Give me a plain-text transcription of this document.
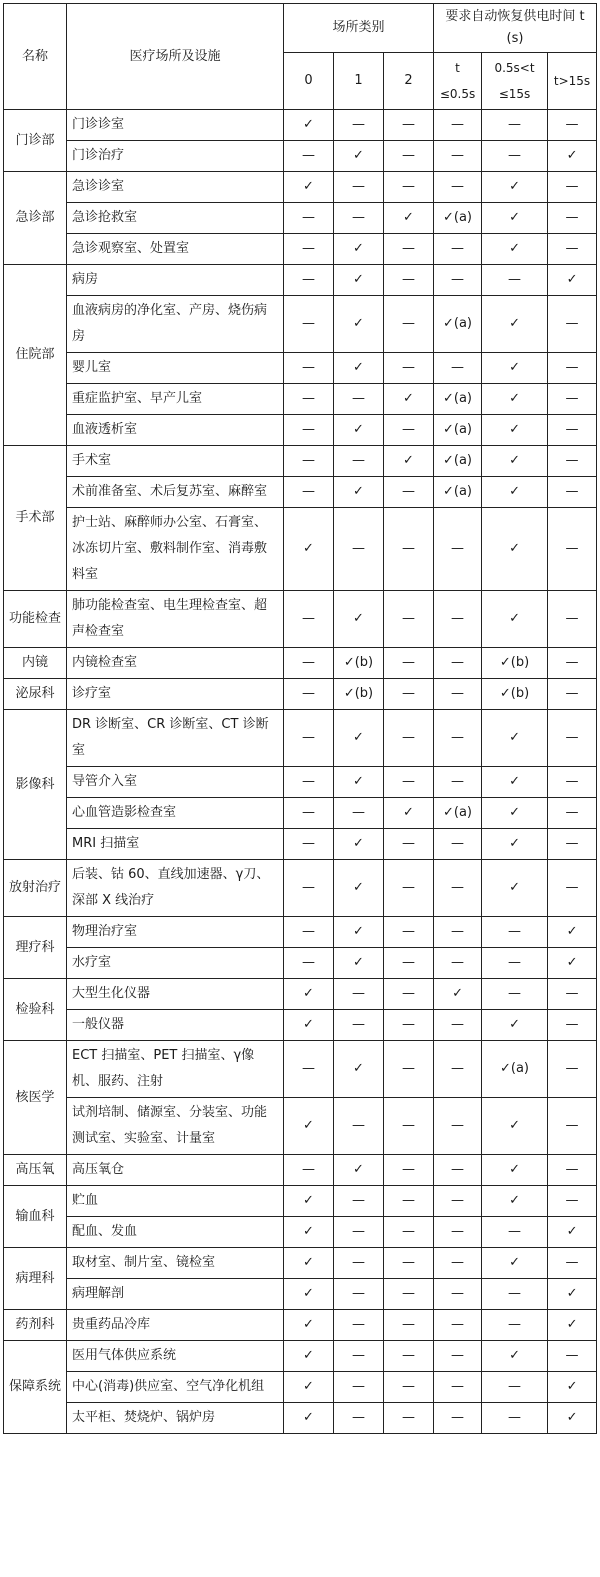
名称	医疗场所及设施	场所类别			要求自动恢复供电时间 t (s)		
		0	1	2	t ≤0.5s	0.5s<t ≤15s	t>15s
门诊部	门诊诊室	✓	—	—	—	—	—
	门诊治疗	—	✓	—	—	—	✓
急诊部	急诊诊室	✓	—	—	—	✓	—
	急诊抢救室	—	—	✓	✓(a)	✓	—
	急诊观察室、处置室	—	✓	—	—	✓	—
住院部	病房	—	✓	—	—	—	✓
	血液病房的净化室、产房、烧伤病房	—	✓	—	✓(a)	✓	—
	婴儿室	—	✓	—	—	✓	—
	重症监护室、早产儿室	—	—	✓	✓(a)	✓	—
	血液透析室	—	✓	—	✓(a)	✓	—
手术部	手术室	—	—	✓	✓(a)	✓	—
	术前准备室、术后复苏室、麻醉室	—	✓	—	✓(a)	✓	—
	护士站、麻醉师办公室、石膏室、冰冻切片室、敷料制作室、消毒敷料室	✓	—	—	—	✓	—
功能检查	肺功能检查室、电生理检查室、超声检查室	—	✓	—	—	✓	—
内镜	内镜检查室	—	✓(b)	—	—	✓(b)	—
泌尿科	诊疗室	—	✓(b)	—	—	✓(b)	—
影像科	DR 诊断室、CR 诊断室、CT 诊断室	—	✓	—	—	✓	—
	导管介入室	—	✓	—	—	✓	—
	心血管造影检查室	—	—	✓	✓(a)	✓	—
	MRI 扫描室	—	✓	—	—	✓	—
放射治疗	后装、钴 60、直线加速器、γ刀、深部 X 线治疗	—	✓	—	—	✓	—
理疗科	物理治疗室	—	✓	—	—	—	✓
	水疗室	—	✓	—	—	—	✓
检验科	大型生化仪器	✓	—	—	✓	—	—
	一般仪器	✓	—	—	—	✓	—
核医学	ECT 扫描室、PET 扫描室、γ像机、服药、注射	—	✓	—	—	✓(a)	—
	试剂培制、储源室、分装室、功能测试室、实验室、计量室	✓	—	—	—	✓	—
高压氧	高压氧仓	—	✓	—	—	✓	—
输血科	贮血	✓	—	—	—	✓	—
	配血、发血	✓	—	—	—	—	✓
病理科	取材室、制片室、镜检室	✓	—	—	—	✓	—
	病理解剖	✓	—	—	—	—	✓
药剂科	贵重药品冷库	✓	—	—	—	—	✓
保障系统	医用气体供应系统	✓	—	—	—	✓	—
	中心(消毒)供应室、空气净化机组	✓	—	—	—	—	✓
	太平柜、焚烧炉、锅炉房	✓	—	—	—	—	✓
